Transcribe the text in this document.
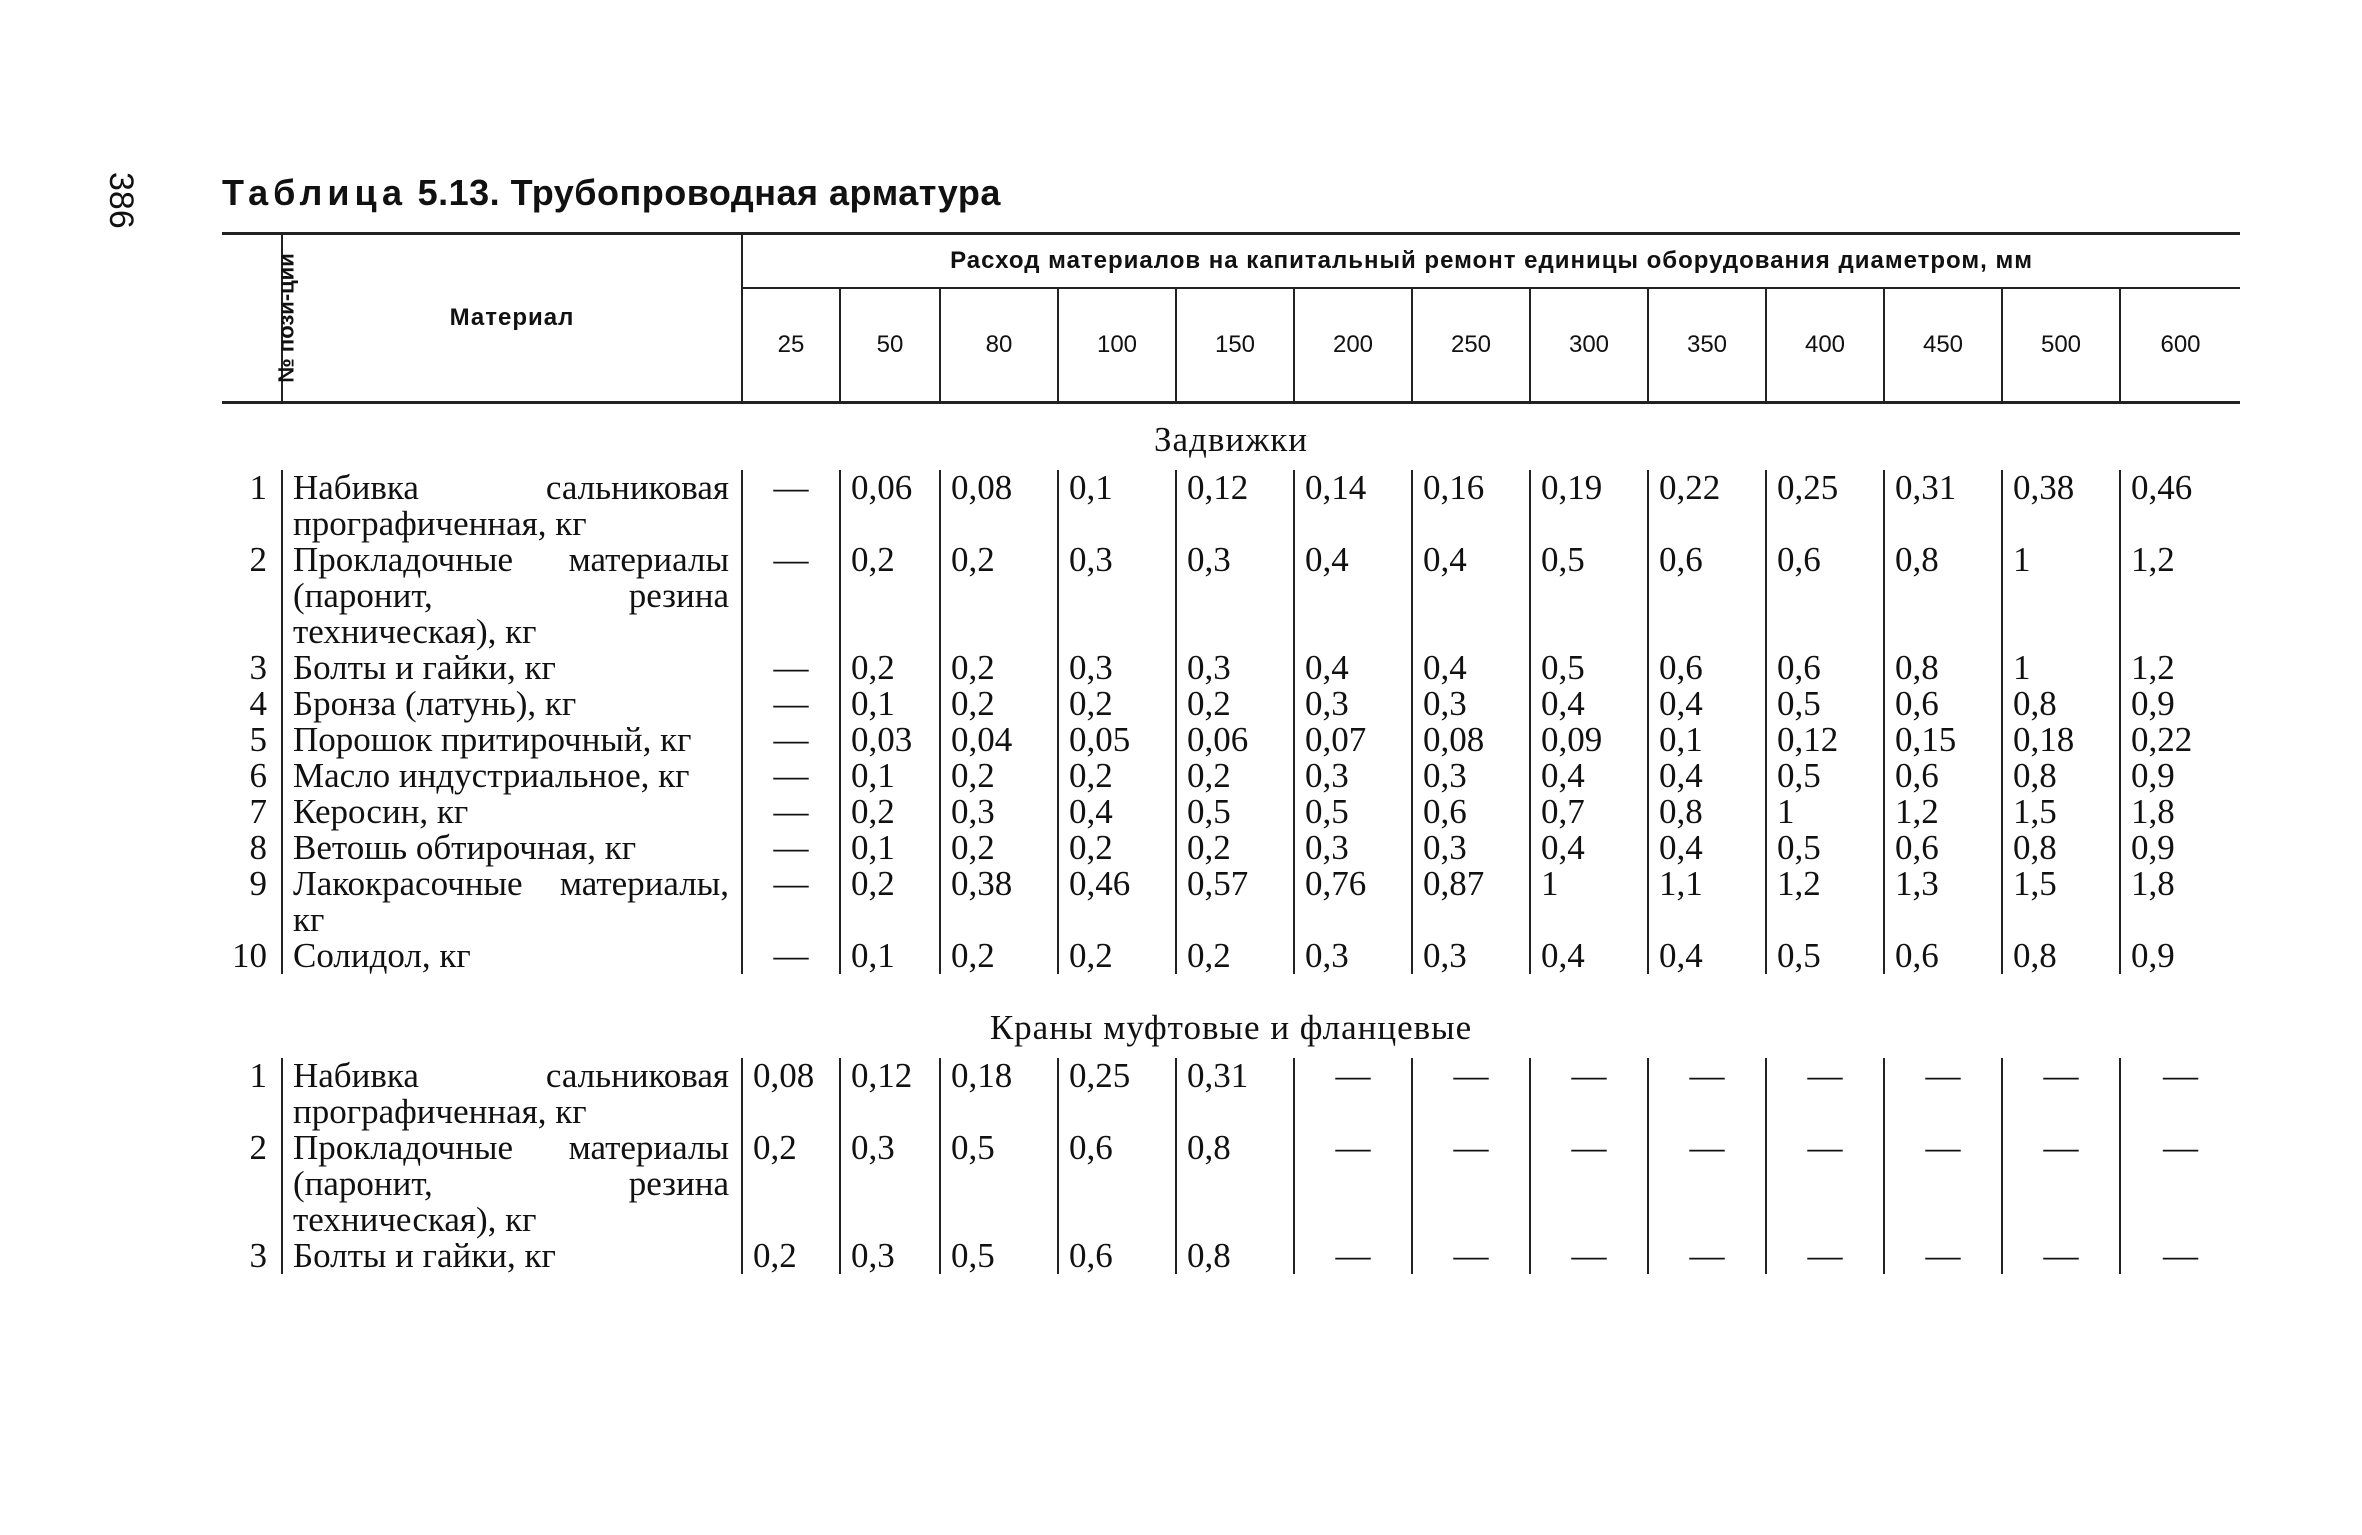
386 Таблица 5.13. Трубопроводная арматура
№ пози-ции	Материал	Расход материалов на капитальный ремонт единицы оборудования диаметром, мм												
		25	50	80	100	150	200	250	300	350	400	450	500	600
Задвижки														
1	Набивка сальниковая прографиченная, кг	—	0,06	0,08	0,1	0,12	0,14	0,16	0,19	0,22	0,25	0,31	0,38	0,46
2	Прокладочные материалы (паронит, резина техническая), кг	—	0,2	0,2	0,3	0,3	0,4	0,4	0,5	0,6	0,6	0,8	1	1,2
3	Болты и гайки, кг	—	0,2	0,2	0,3	0,3	0,4	0,4	0,5	0,6	0,6	0,8	1	1,2
4	Бронза (латунь), кг	—	0,1	0,2	0,2	0,2	0,3	0,3	0,4	0,4	0,5	0,6	0,8	0,9
5	Порошок притирочный, кг	—	0,03	0,04	0,05	0,06	0,07	0,08	0,09	0,1	0,12	0,15	0,18	0,22
6	Масло индустриальное, кг	—	0,1	0,2	0,2	0,2	0,3	0,3	0,4	0,4	0,5	0,6	0,8	0,9
7	Керосин, кг	—	0,2	0,3	0,4	0,5	0,5	0,6	0,7	0,8	1	1,2	1,5	1,8
8	Ветошь обтирочная, кг	—	0,1	0,2	0,2	0,2	0,3	0,3	0,4	0,4	0,5	0,6	0,8	0,9
9	Лакокрасочные материалы, кг	—	0,2	0,38	0,46	0,57	0,76	0,87	1	1,1	1,2	1,3	1,5	1,8
10	Солидол, кг	—	0,1	0,2	0,2	0,2	0,3	0,3	0,4	0,4	0,5	0,6	0,8	0,9
Краны муфтовые и фланцевые														
1	Набивка сальниковая прографиченная, кг	0,08	0,12	0,18	0,25	0,31	—	—	—	—	—	—	—	—
2	Прокладочные материалы (паронит, резина техническая), кг	0,2	0,3	0,5	0,6	0,8	—	—	—	—	—	—	—	—
3	Болты и гайки, кг	0,2	0,3	0,5	0,6	0,8	—	—	—	—	—	—	—	—
